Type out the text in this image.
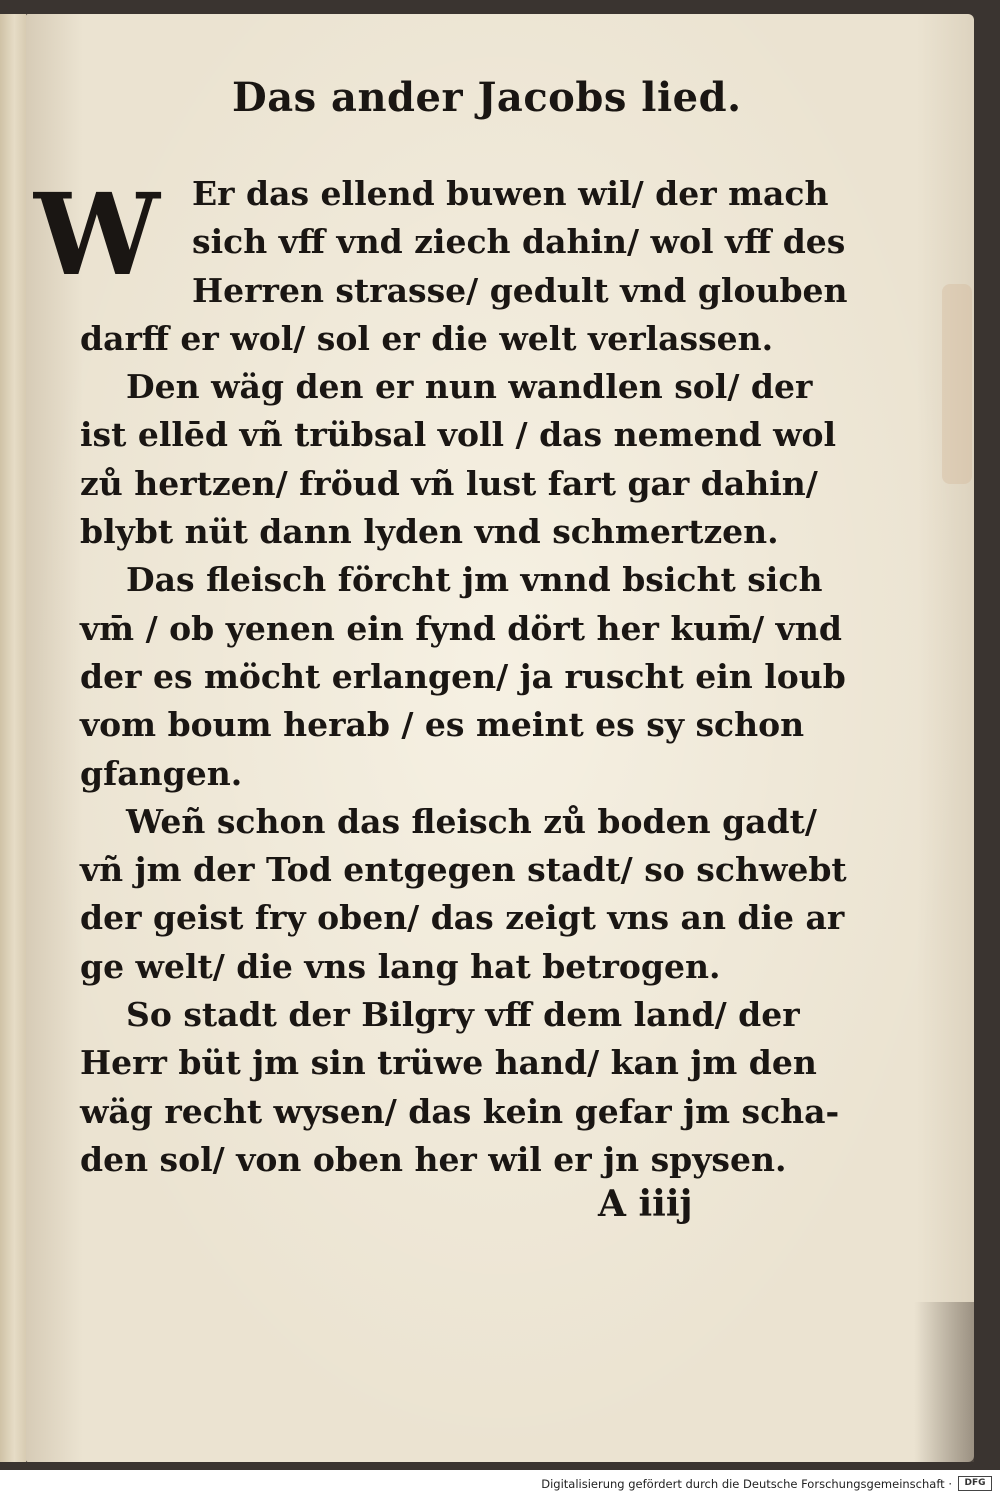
Das ander Jacobs lied.
W Er das ellend buwen wil/ der mach
sich vff vnd ziech dahin/ wol vff des
Herren strasse/ gedult vnd glouben
darff er wol/ sol er die welt verlassen.
Den wäg den er nun wandlen sol/ der
ist ellēd vñ trübsal voll / das nemend wol
zů hertzen/ fröud vñ lust fart gar dahin/
blybt nüt dann lyden vnd schmertzen.
Das fleisch förcht jm vnnd bsicht sich
vm̄ / ob yenen ein fynd dört her kum̄/ vnd
der es möcht erlangen/ ja ruscht ein loub
vom boum herab / es meint es sy schon
gfangen.
Weñ schon das fleisch zů boden gadt/
vñ jm der Tod entgegen stadt/ so schwebt
der geist fry oben/ das zeigt vns an die ar
ge welt/ die vns lang hat betrogen.
So stadt der Bilgry vff dem land/ der
Herr büt jm sin trüwe hand/ kan jm den
wäg recht wysen/ das kein gefar jm scha-
den sol/ von oben her wil er jn spysen.
A iiij
Digitalisierung gefördert durch die Deutsche Forschungsgemeinschaft ·	DFG
